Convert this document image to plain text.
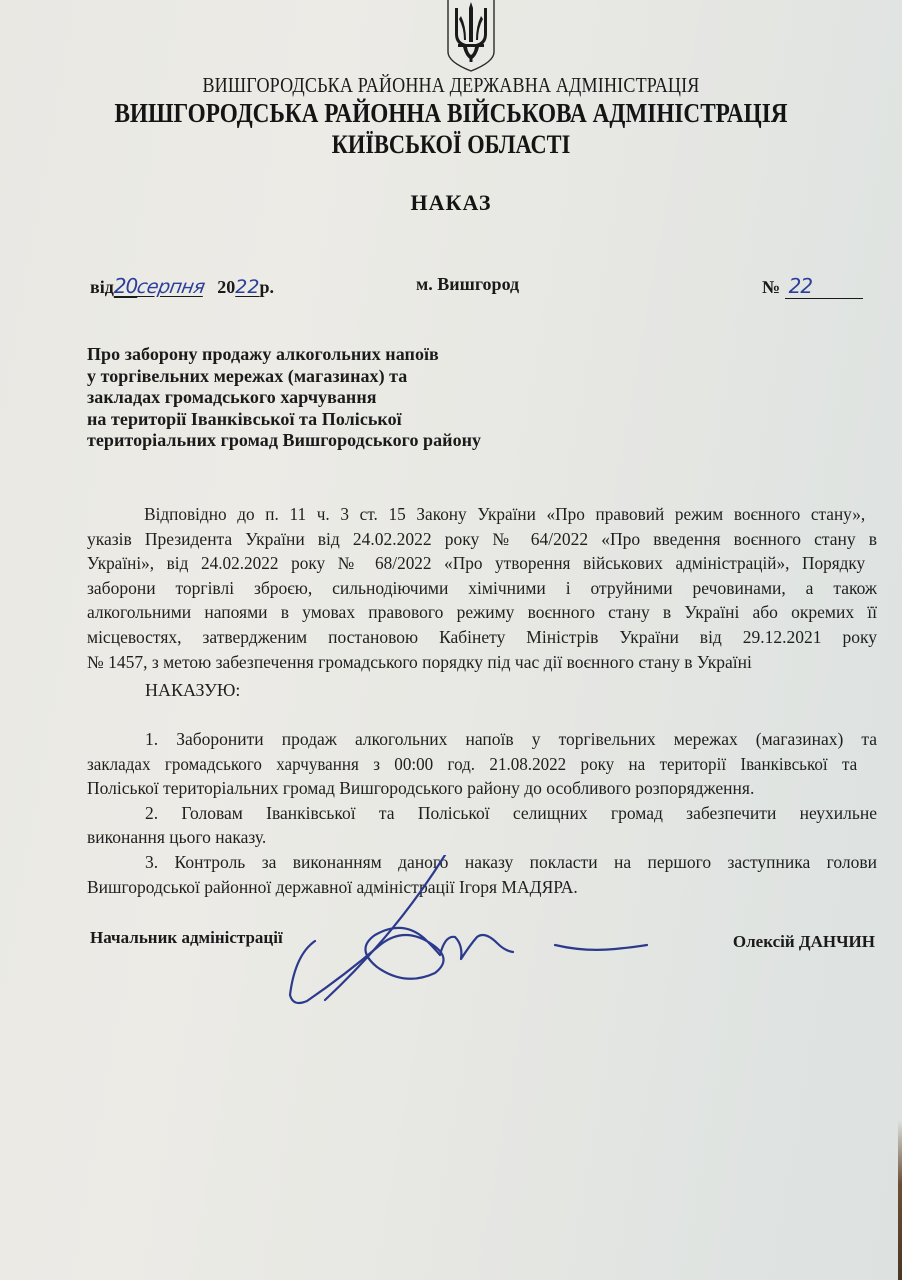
ВИШГОРОДСЬКА РАЙОННА ДЕРЖАВНА АДМІНІСТРАЦІЯ
ВИШГОРОДСЬКА РАЙОННА ВІЙСЬКОВА АДМІНІСТРАЦІЯ
КИЇВСЬКОЇ ОБЛАСТІ
НАКАЗ
від20серпня 2022р.	м. Вишгород	№ 22
Про заборону продажу алкогольних напоїв
у торгівельних мережах (магазинах) та
закладах громадського харчування
на території Іванківської та Поліської
територіальних громад Вишгородського району
Відповідно до п. 11 ч. 3 ст. 15 Закону України «Про правовий режим воєнного стану»,
указів Президента України від 24.02.2022 року № 64/2022 «Про введення воєнного стану в
Україні», від 24.02.2022 року № 68/2022 «Про утворення військових адміністрацій», Порядку
заборони торгівлі зброєю, сильнодіючими хімічними і отруйними речовинами, а також
алкогольними напоями в умовах правового режиму воєнного стану в Україні або окремих її
місцевостях, затвердженим постановою Кабінету Міністрів України від 29.12.2021 року
№ 1457, з метою забезпечення громадського порядку під час дії воєнного стану в Україні
НАКАЗУЮ:
1. Заборонити продаж алкогольних напоїв у торгівельних мережах (магазинах) та
закладах громадського харчування з 00:00 год. 21.08.2022 року на території Іванківської та
Поліської територіальних громад Вишгородського району до особливого розпорядження.
2. Головам Іванківської та Поліської селищних громад забезпечити неухильне
виконання цього наказу.
3. Контроль за виконанням даного наказу покласти на першого заступника голови
Вишгородської районної державної адміністрації Ігоря МАДЯРА.
Начальник адміністрації	Олексій ДАНЧИН
